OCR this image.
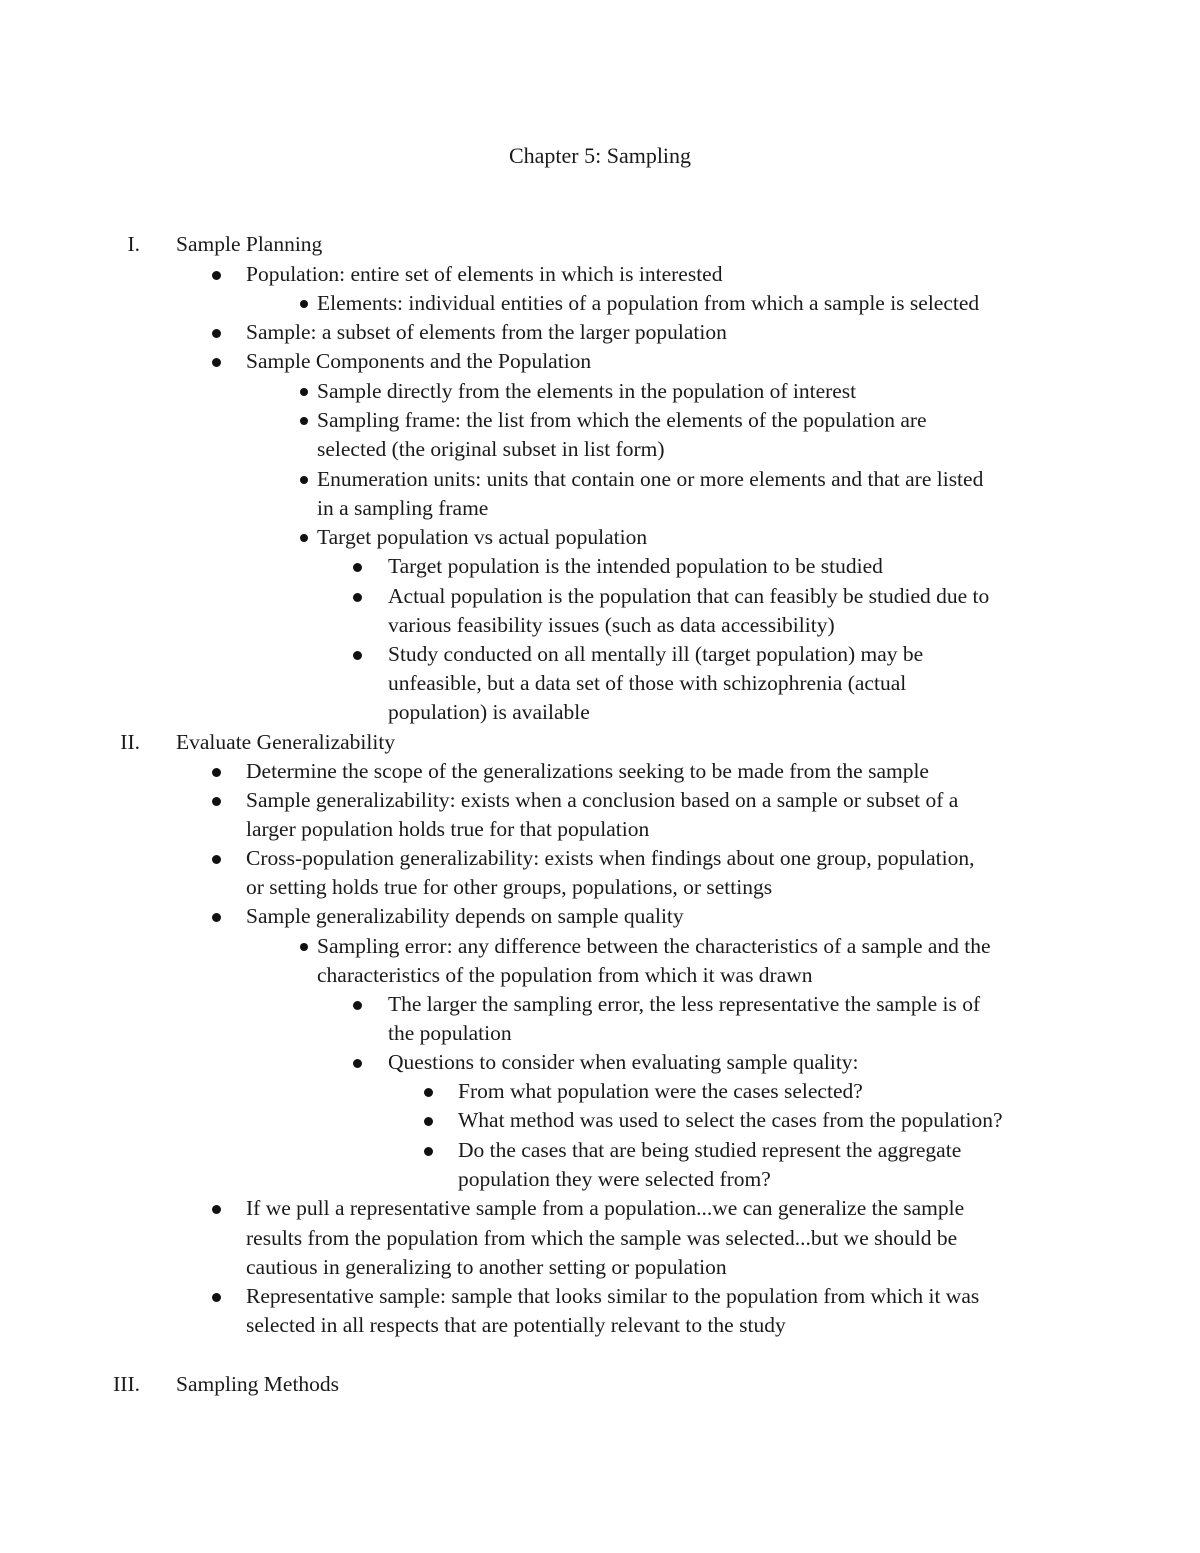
Chapter 5: Sampling
I. Sample Planning
Population: entire set of elements in which is interested
Elements: individual entities of a population from which a sample is selected
Sample: a subset of elements from the larger population
Sample Components and the Population
Sample directly from the elements in the population of interest
Sampling frame: the list from which the elements of the population are
selected (the original subset in list form)
Enumeration units: units that contain one or more elements and that are listed
in a sampling frame
Target population vs actual population
Target population is the intended population to be studied
Actual population is the population that can feasibly be studied due to
various feasibility issues (such as data accessibility)
Study conducted on all mentally ill (target population) may be
unfeasible, but a data set of those with schizophrenia (actual
population) is available
II. Evaluate Generalizability
Determine the scope of the generalizations seeking to be made from the sample
Sample generalizability: exists when a conclusion based on a sample or subset of a
larger population holds true for that population
Cross-population generalizability: exists when findings about one group, population,
or setting holds true for other groups, populations, or settings
Sample generalizability depends on sample quality
Sampling error: any difference between the characteristics of a sample and the
characteristics of the population from which it was drawn
The larger the sampling error, the less representative the sample is of
the population
Questions to consider when evaluating sample quality:
From what population were the cases selected?
What method was used to select the cases from the population?
Do the cases that are being studied represent the aggregate
population they were selected from?
If we pull a representative sample from a population...we can generalize the sample
results from the population from which the sample was selected...but we should be
cautious in generalizing to another setting or population
Representative sample: sample that looks similar to the population from which it was
selected in all respects that are potentially relevant to the study
III. Sampling Methods
